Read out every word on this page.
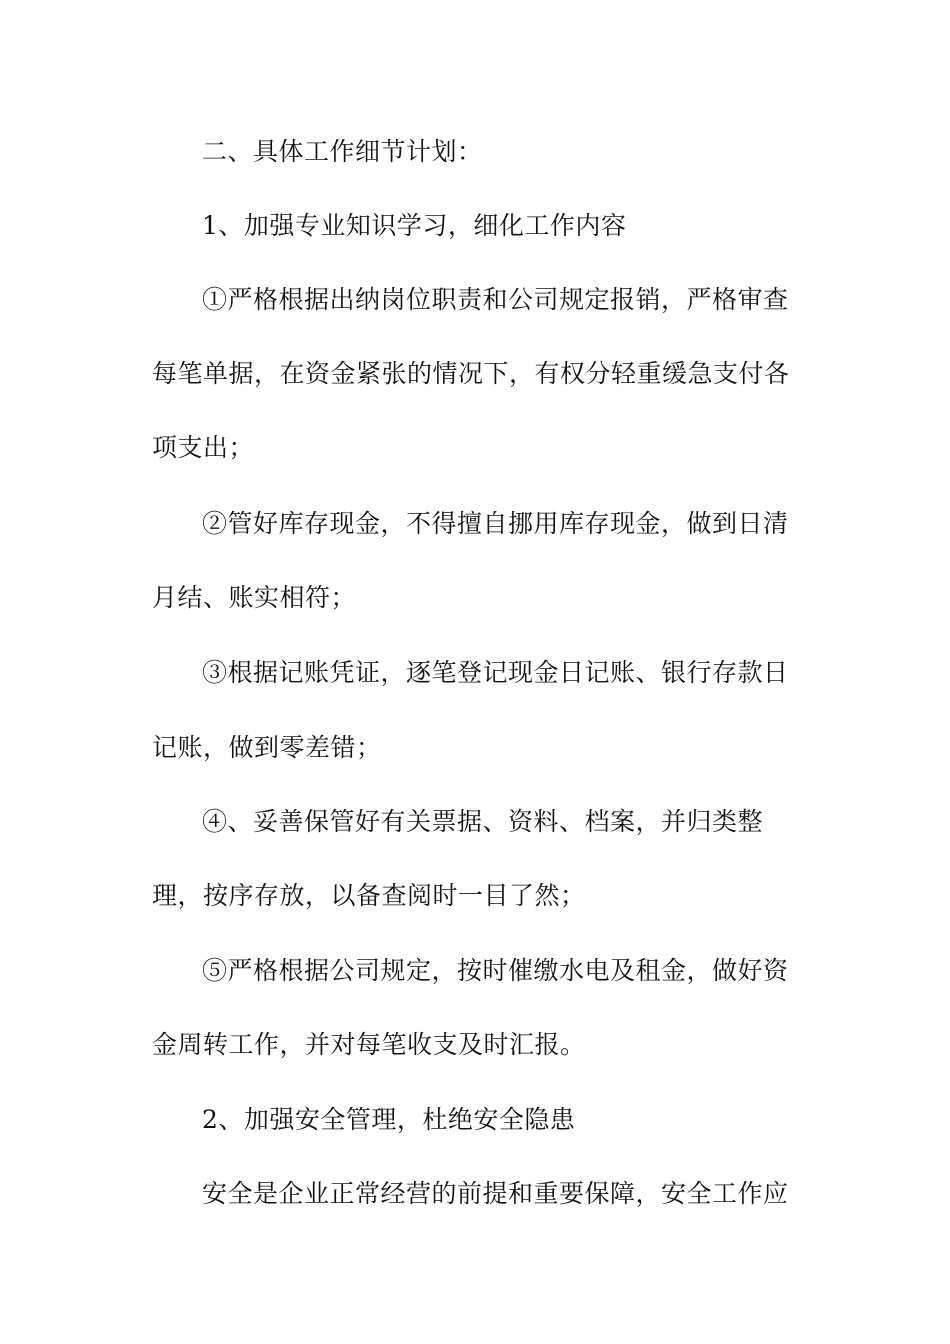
二、具体工作细节计划：
1、加强专业知识学习，细化工作内容
①严格根据出纳岗位职责和公司规定报销，严格审查
每笔单据，在资金紧张的情况下，有权分轻重缓急支付各
项支出；
②管好库存现金，不得擅自挪用库存现金，做到日清
月结、账实相符；
③根据记账凭证，逐笔登记现金日记账、银行存款日
记账，做到零差错；
④、妥善保管好有关票据、资料、档案，并归类整
理，按序存放，以备查阅时一目了然；
⑤严格根据公司规定，按时催缴水电及租金，做好资
金周转工作，并对每笔收支及时汇报。
2、加强安全管理，杜绝安全隐患
安全是企业正常经营的前提和重要保障，安全工作应
